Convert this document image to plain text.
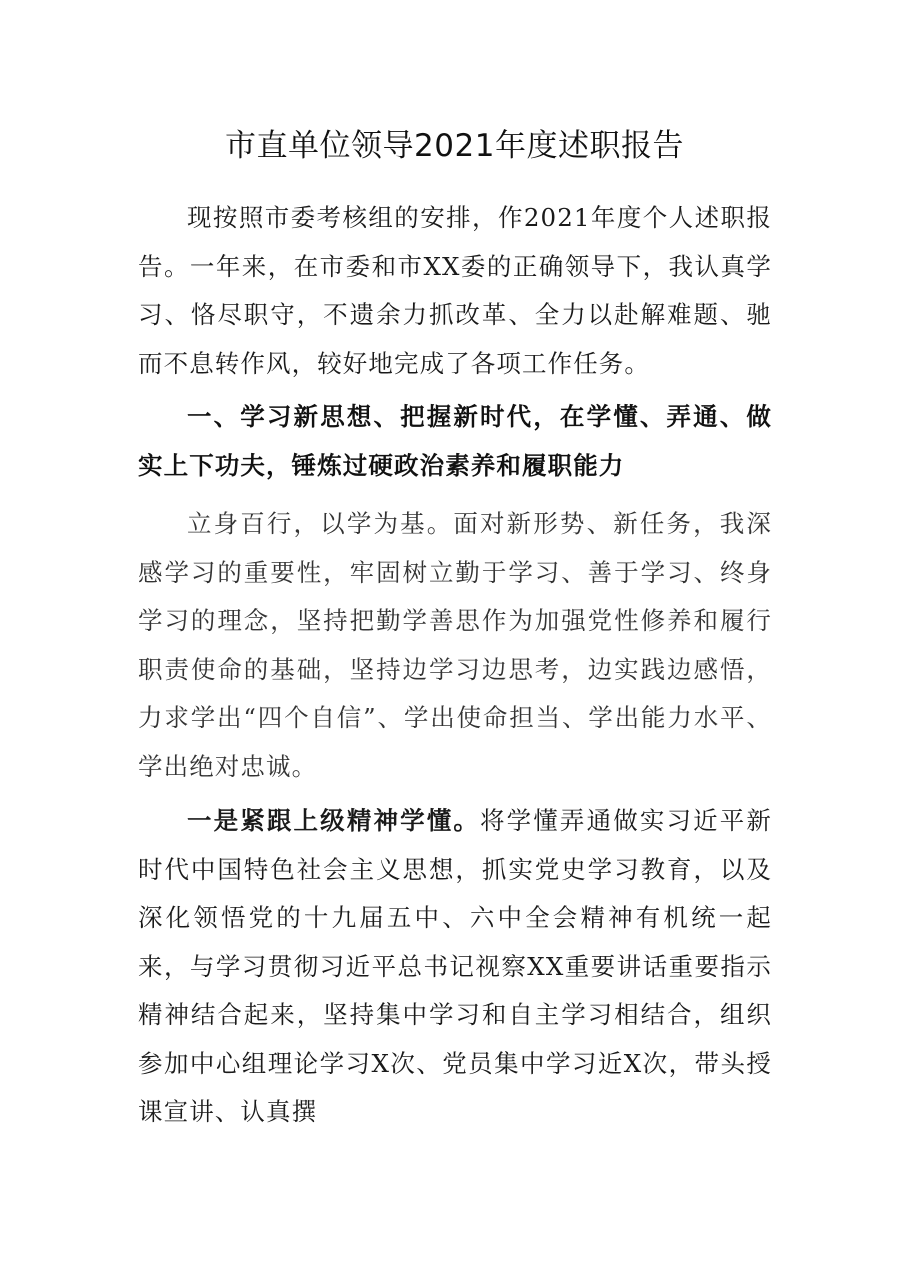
市直单位领导2021年度述职报告
现按照市委考核组的安排，作2021年度个人述职报告。一年来，在市委和市XX委的正确领导下，我认真学习、恪尽职守，不遗余力抓改革、全力以赴解难题、驰而不息转作风，较好地完成了各项工作任务。
一、学习新思想、把握新时代，在学懂、弄通、做实上下功夫，锤炼过硬政治素养和履职能力
立身百行，以学为基。面对新形势、新任务，我深感学习的重要性，牢固树立勤于学习、善于学习、终身学习的理念，坚持把勤学善思作为加强党性修养和履行职责使命的基础，坚持边学习边思考，边实践边感悟，力求学出“四个自信”、学出使命担当、学出能力水平、学出绝对忠诚。
一是紧跟上级精神学懂。将学懂弄通做实习近平新时代中国特色社会主义思想，抓实党史学习教育，以及深化领悟党的十九届五中、六中全会精神有机统一起来，与学习贯彻习近平总书记视察XX重要讲话重要指示精神结合起来，坚持集中学习和自主学习相结合，组织参加中心组理论学习X次、党员集中学习近X次，带头授课宣讲、认真撰
